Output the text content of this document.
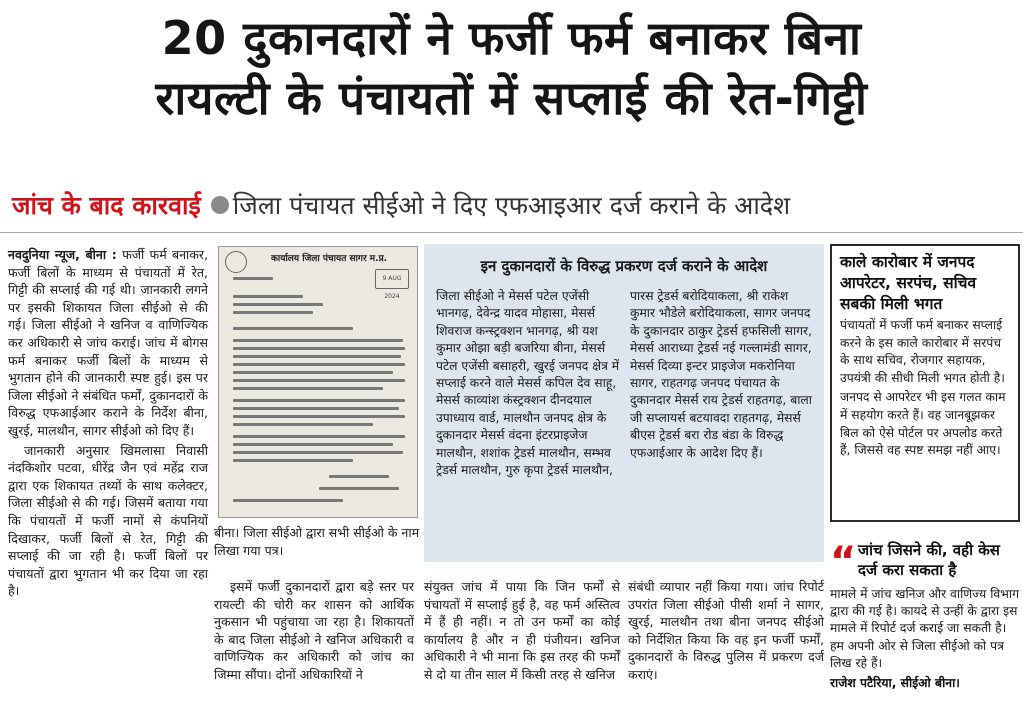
20 दुकानदारों ने फर्जी फर्म बनाकर बिना
रायल्टी के पंचायतों में सप्लाई की रेत-गिट्टी
जांच के बाद कारवाई जिला पंचायत सीईओ ने दिए एफआइआर दर्ज कराने के आदेश
नवदुनिया न्यूज, बीना : फर्जी फर्म बनाकर, फर्जी बिलों के माध्यम से पंचायतों में रेत, गिट्टी की सप्लाई की गई थी। जानकारी लगने पर इसकी शिकायत जिला सीईओ से की गई। जिला सीईओ ने खनिज व वाणिज्यिक कर अधिकारी से जांच कराई। जांच में बोगस फर्म बनाकर फर्जी बिलों के माध्यम से भुगतान होने की जानकारी स्पष्ट हुई। इस पर जिला सीईओ ने संबंधित फर्मों, दुकानदारों के विरुद्ध एफआईआर कराने के निर्देश बीना, खुरई, मालथौन, सागर सीईओ को दिए हैं।
जानकारी अनुसार खिमलासा निवासी नंदकिशोर पटवा, धीरेंद्र जैन एवं महेंद्र राज द्वारा एक शिकायत तथ्यों के साथ कलेक्टर, जिला सीईओ से की गई। जिसमें बताया गया कि पंचायतों में फर्जी नामों से कंपनियों दिखाकर, फर्जी बिलों से रेत, गिट्टी की सप्लाई की जा रही है। फर्जी बिलों पर पंचायतों द्वारा भुगतान भी कर दिया जा रहा है।
कार्यालय जिला पंचायत सागर म.प्र.
9 AUG 2024
बीना। जिला सीईओ द्वारा सभी सीईओ के नाम लिखा गया पत्र।
इसमें फर्जी दुकानदारों द्वारा बड़े स्तर पर रायल्टी की चोरी कर शासन को आर्थिक नुकसान भी पहुंचाया जा रहा है। शिकायतों के बाद जिला सीईओ ने खनिज अधिकारी व वाणिज्यिक कर अधिकारी को जांच का जिम्मा सौंपा। दोनों अधिकारियों ने
इन दुकानदारों के विरुद्ध प्रकरण दर्ज कराने के आदेश
जिला सीईओ ने मेसर्स पटेल एजेंसी भानगढ़, देवेन्द्र यादव मोहासा, मेसर्स शिवराज कन्स्ट्रक्शन भानगढ़, श्री यश कुमार ओझा बड़ी बजरिया बीना, मेसर्स पटेल एजेंसी बसाहरी, खुरई जनपद क्षेत्र में सप्लाई करने वाले मेसर्स कपिल देव साहू, मेसर्स काव्यांश कंस्ट्रक्शन दीनदयाल उपाध्याय वार्ड, मालथौन जनपद क्षेत्र के दुकानदार मेसर्स वंदना इंटरप्राइजेज मालथौन, शशांक ट्रेडर्स मालथौन, सम्भव ट्रेडर्स मालथौन, गुरु कृपा ट्रेडर्स मालथौन,
पारस ट्रेडर्स बरोदियाकला, श्री राकेश कुमार भौडेले बरोदियाकला, सागर जनपद के दुकानदार ठाकुर ट्रेडर्स हफसिली सागर, मेसर्स आराध्या ट्रेडर्स नई गल्लामंडी सागर, मेसर्स दिव्या इन्टर प्राइजेज मकरोनिया सागर, राहतगढ़ जनपद पंचायत के दुकानदार मेसर्स राय ट्रेडर्स राहतगढ़, बाला जी सप्लायर्स बटयावदा राहतगढ़, मेसर्स बीएस ट्रेडर्स बरा रोड बंडा के विरुद्ध एफआईआर के आदेश दिए हैं।
संयुक्त जांच में पाया कि जिन फर्मों से पंचायतों में सप्लाई हुई है, वह फर्म अस्तित्व में हैं ही नहीं। न तो उन फर्मों का कोई कार्यालय है और न ही पंजीयन। खनिज अधिकारी ने भी माना कि इस तरह की फर्मों से दो या तीन साल में किसी तरह से खनिज
संबंधी व्यापार नहीं किया गया। जांच रिपोर्ट उपरांत जिला सीईओ पीसी शर्मा ने सागर, खुरई, मालथौन तथा बीना जनपद सीईओ को निर्देशित किया कि वह इन फर्जी फर्मों, दुकानदारों के विरुद्ध पुलिस में प्रकरण दर्ज कराएं।
काले कारोबार में जनपद आपरेटर, सरपंच, सचिव सबकी मिली भगत

पंचायतों में फर्जी फर्म बनाकर सप्लाई करने के इस काले कारोबार में सरपंच के साथ सचिव, रोजगार सहायक, उपयंत्री की सीधी मिली भगत होती है।

जनपद से आपरेटर भी इस गलत काम में सहयोग करते हैं। वह जानबूझकर बिल को ऐसे पोर्टल पर अपलोड करते हैं, जिससे वह स्पष्ट समझ नहीं आए।

“ जांच जिसने की, वही केस दर्ज करा सकता है

मामले में जांच खनिज और वाणिज्य विभाग द्वारा की गई है। कायदे से उन्हीं के द्वारा इस मामले में रिपोर्ट दर्ज कराई जा सकती है। हम अपनी ओर से जिला सीईओ को पत्र लिख रहे हैं।

राजेश पटैरिया, सीईओ बीना।
